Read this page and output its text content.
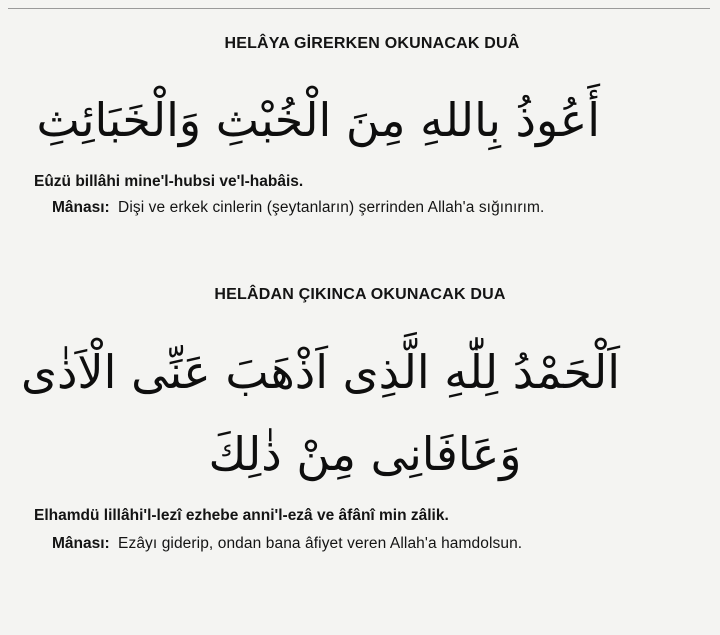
HELÂYA GİRERKEN OKUNACAK DUÂ
أَعُوذُ بِاللهِ مِنَ الْخُبْثِ وَالْخَبَائِثِ
Eûzü billâhi mine'l-hubsi ve'l-habâis.
Mânası: Dişi ve erkek cinlerin (şeytanların) şerrinden Allah'a sığınırım.
HELÂDAN ÇIKINCA OKUNACAK DUA
اَلْحَمْدُ لِلّٰهِ الَّذِى اَذْهَبَ عَنِّى الْاَذٰى
وَعَافَانِى مِنْ ذٰلِكَ
Elhamdü lillâhi'l-lezî ezhebe anni'l-ezâ ve âfânî min zâlik.
Mânası: Ezâyı giderip, ondan bana âfiyet veren Allah'a hamdolsun.
